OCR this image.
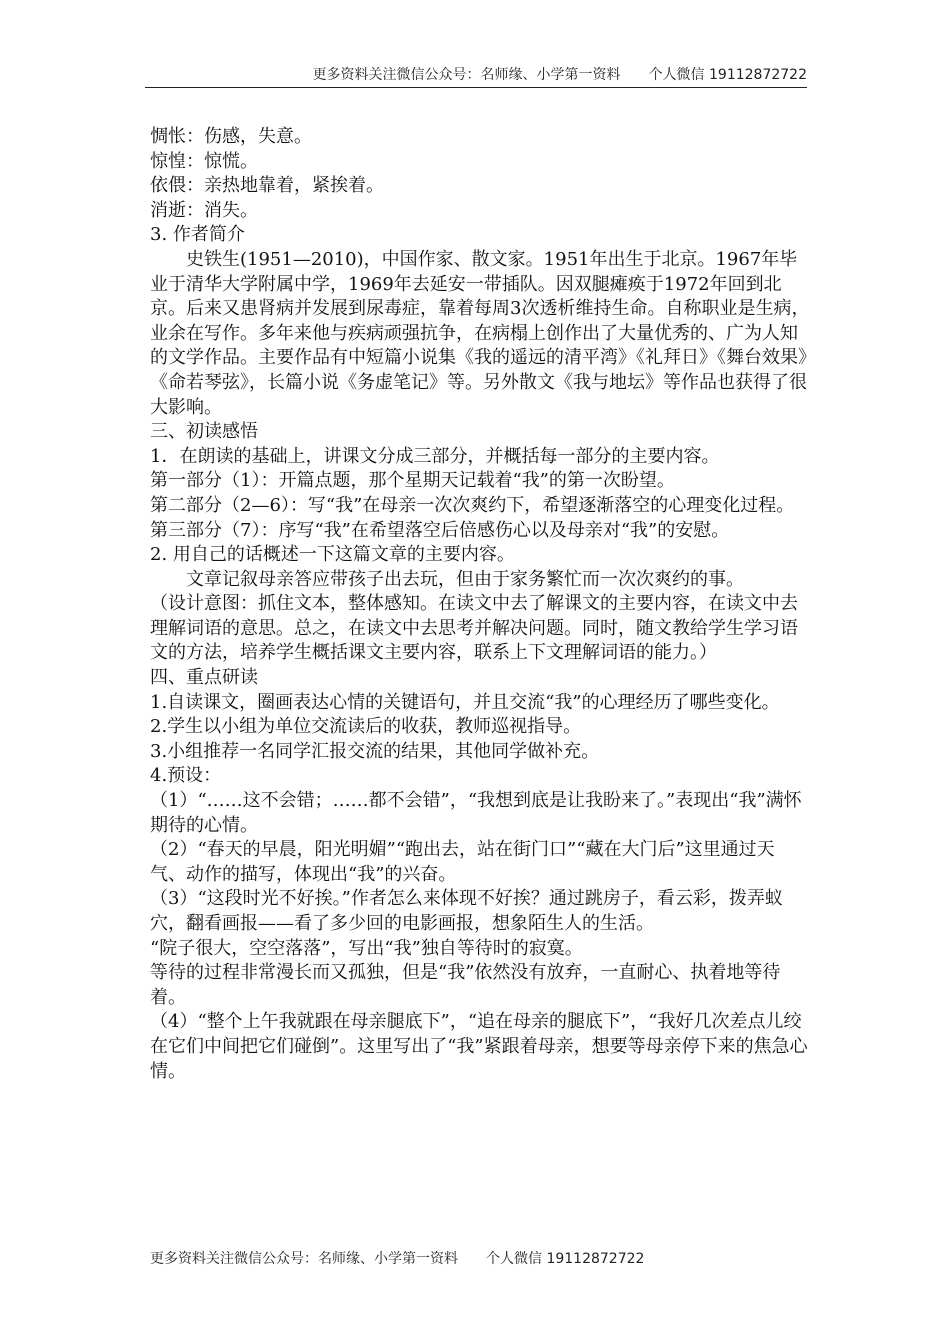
更多资料关注微信公众号：名师缘、小学第一资料 个人微信 19112872722

惆怅：伤感，失意。

惊惶：惊慌。

依偎：亲热地靠着，紧挨着。

消逝：消失。

3. 作者简介

史铁生(1951—2010)，中国作家、散文家。1951年出生于北京。1967年毕业于清华大学附属中学，1969年去延安一带插队。因双腿瘫痪于1972年回到北京。后来又患肾病并发展到尿毒症，靠着每周3次透析维持生命。自称职业是生病，业余在写作。多年来他与疾病顽强抗争，在病榻上创作出了大量优秀的、广为人知的文学作品。主要作品有中短篇小说集《我的遥远的清平湾》《礼拜日》《舞台效果》《命若琴弦》，长篇小说《务虚笔记》等。另外散文《我与地坛》等作品也获得了很大影响。

三、初读感悟

1．在朗读的基础上，讲课文分成三部分，并概括每一部分的主要内容。

第一部分（1）：开篇点题，那个星期天记载着“我”的第一次盼望。

第二部分（2—6）：写“我”在母亲一次次爽约下，希望逐渐落空的心理变化过程。

第三部分（7）：序写“我”在希望落空后倍感伤心以及母亲对“我”的安慰。

2. 用自己的话概述一下这篇文章的主要内容。

文章记叙母亲答应带孩子出去玩，但由于家务繁忙而一次次爽约的事。

（设计意图：抓住文本，整体感知。在读文中去了解课文的主要内容，在读文中去理解词语的意思。总之，在读文中去思考并解决问题。同时，随文教给学生学习语文的方法，培养学生概括课文主要内容，联系上下文理解词语的能力。）

四、重点研读

1.自读课文，圈画表达心情的关键语句，并且交流“我”的心理经历了哪些变化。

2.学生以小组为单位交流读后的收获，教师巡视指导。

3.小组推荐一名同学汇报交流的结果，其他同学做补充。

4.预设：

（1）“……这不会错；……都不会错”，“我想到底是让我盼来了。”表现出“我”满怀期待的心情。

（2）“春天的早晨，阳光明媚”“跑出去，站在街门口”“藏在大门后”这里通过天气、动作的描写，体现出“我”的兴奋。

（3）“这段时光不好挨。”作者怎么来体现不好挨？通过跳房子，看云彩，拨弄蚁穴，翻看画报——看了多少回的电影画报，想象陌生人的生活。

“院子很大，空空落落”，写出“我”独自等待时的寂寞。

等待的过程非常漫长而又孤独，但是“我”依然没有放弃，一直耐心、执着地等待着。

（4）“整个上午我就跟在母亲腿底下”，“追在母亲的腿底下”，“我好几次差点儿绞在它们中间把它们碰倒”。这里写出了“我”紧跟着母亲，想要等母亲停下来的焦急心情。

更多资料关注微信公众号：名师缘、小学第一资料 个人微信 19112872722
